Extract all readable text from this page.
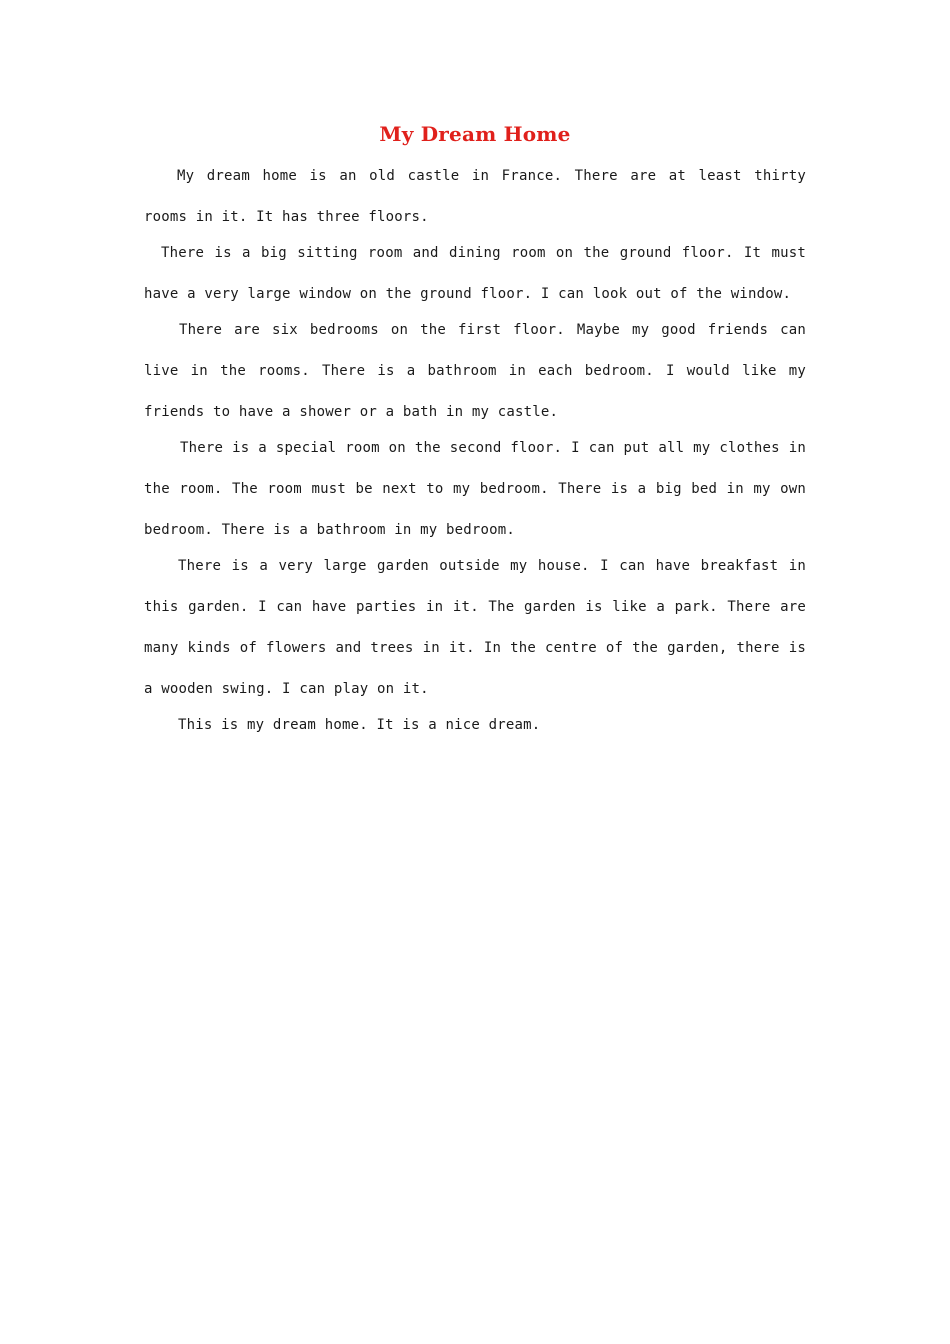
My Dream Home

My dream home is an old castle in France. There are at least thirty rooms in it. It has three floors.

There is a big sitting room and dining room on the ground floor. It must have a very large window on the ground floor. I can look out of the window.

There are six bedrooms on the first floor. Maybe my good friends can live in the rooms. There is a bathroom in each bedroom. I would like my friends to have a shower or a bath in my castle.

There is a special room on the second floor. I can put all my clothes in the room. The room must be next to my bedroom. There is a big bed in my own bedroom. There is a bathroom in my bedroom.

There is a very large garden outside my house. I can have breakfast in this garden. I can have parties in it. The garden is like a park. There are many kinds of flowers and trees in it. In the centre of the garden, there is a wooden swing. I can play on it.

This is my dream home. It is a nice dream.
